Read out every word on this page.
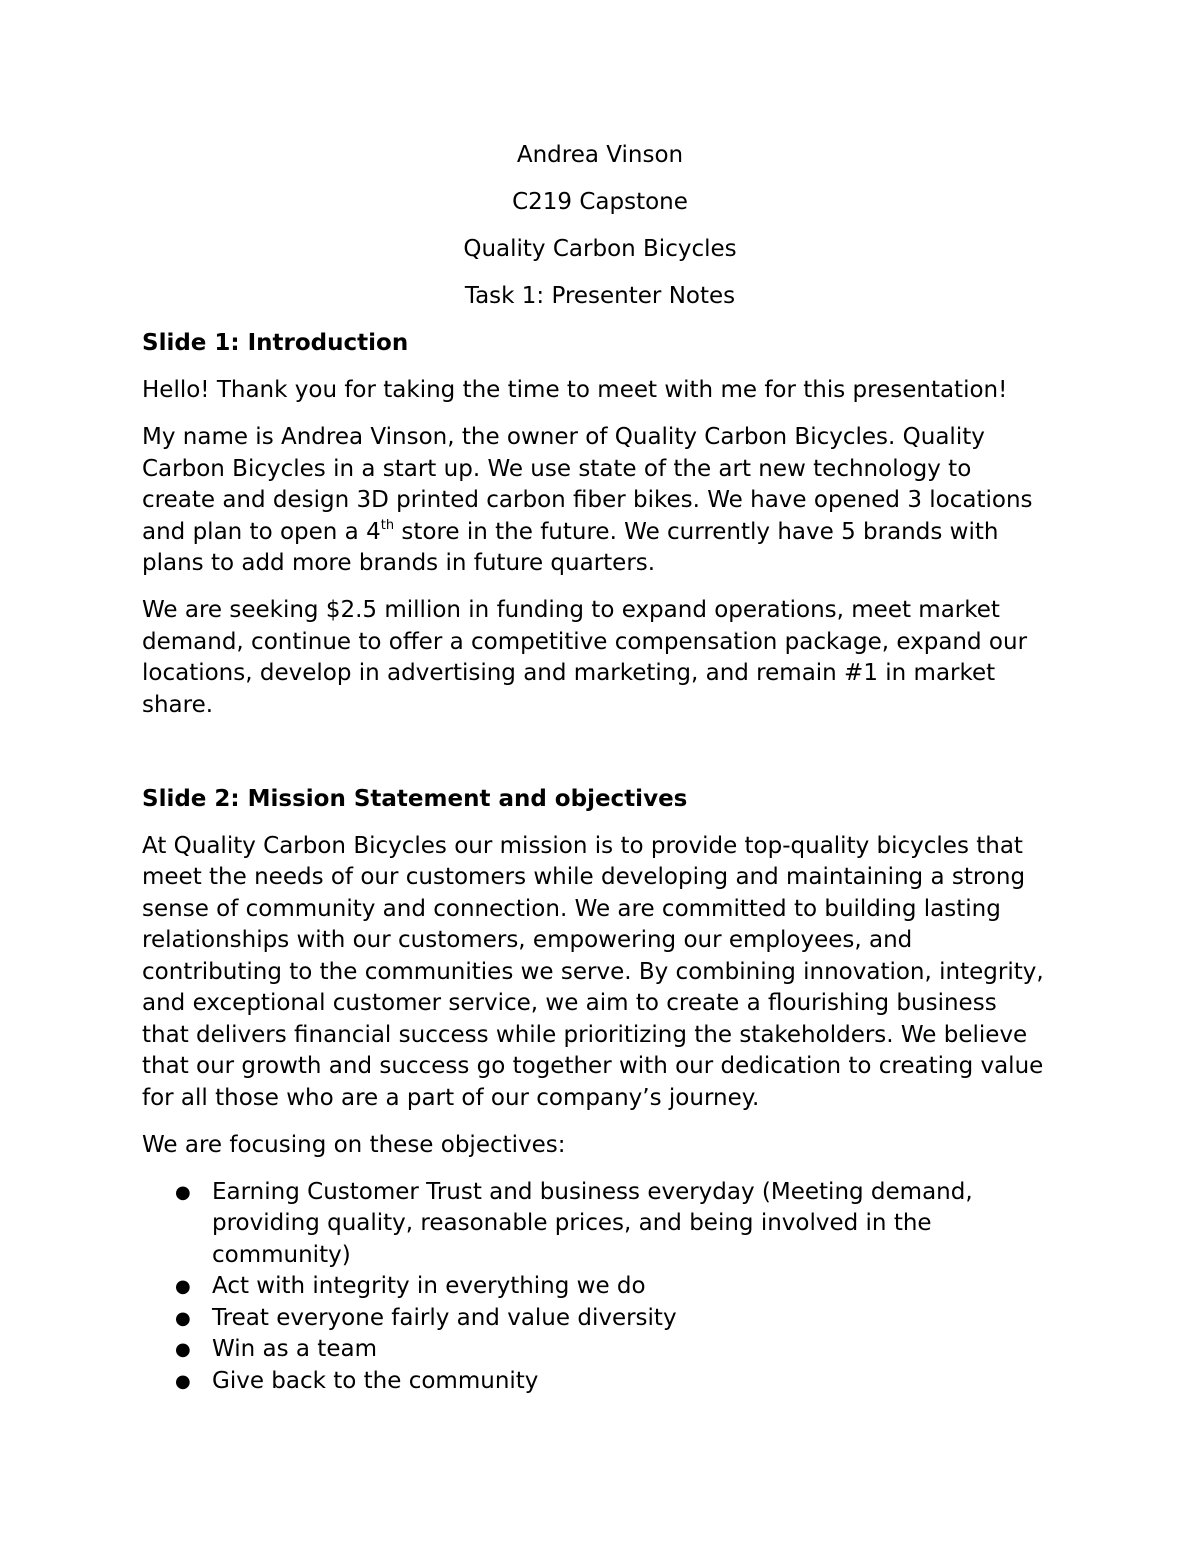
Andrea Vinson

C219 Capstone

Quality Carbon Bicycles

Task 1: Presenter Notes

Slide 1: Introduction

Hello! Thank you for taking the time to meet with me for this presentation!

My name is Andrea Vinson, the owner of Quality Carbon Bicycles. Quality Carbon Bicycles in a start up. We use state of the art new technology to create and design 3D printed carbon fiber bikes. We have opened 3 locations and plan to open a 4th store in the future. We currently have 5 brands with plans to add more brands in future quarters.

We are seeking $2.5 million in funding to expand operations, meet market demand, continue to offer a competitive compensation package, expand our locations, develop in advertising and marketing, and remain #1 in market share.

Slide 2: Mission Statement and objectives

At Quality Carbon Bicycles our mission is to provide top-quality bicycles that meet the needs of our customers while developing and maintaining a strong sense of community and connection. We are committed to building lasting relationships with our customers, empowering our employees, and contributing to the communities we serve. By combining innovation, integrity, and exceptional customer service, we aim to create a flourishing business that delivers financial success while prioritizing the stakeholders. We believe that our growth and success go together with our dedication to creating value for all those who are a part of our company’s journey.

We are focusing on these objectives:

● Earning Customer Trust and business everyday (Meeting demand, providing quality, reasonable prices, and being involved in the community)
● Act with integrity in everything we do
● Treat everyone fairly and value diversity
● Win as a team
● Give back to the community
